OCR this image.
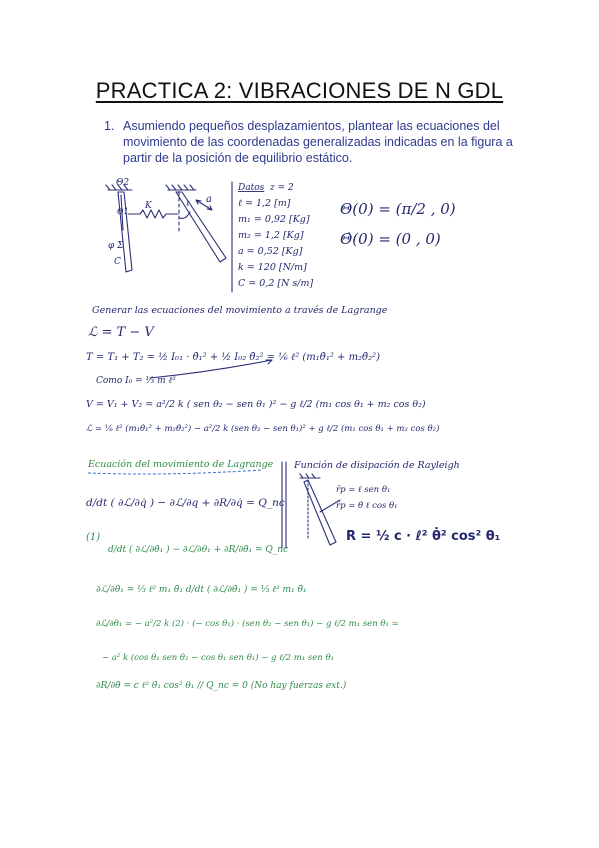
PRACTICA 2: VIBRACIONES DE N GDL
1. Asumiendo pequeños desplazamientos, plantear las ecuaciones del movimiento de las coordenadas generalizadas indicadas en la figura a partir de la posición de equilibrio estático.
Θ2
Θ1
K
a
ℓ
φ Σ
C
Datos z = 2
ℓ = 1,2 [m]
m₁ = 0,92 [Kg]
m₂ = 1,2 [Kg]
a = 0,52 [Kg]
k = 120 [N/m]
C = 0,2 [N s/m]
Θ(0) = (π/2 , 0)
Θ̇(0) = (0 , 0)
Generar las ecuaciones del movimiento a través de Lagrange
ℒ = T − V
T = T₁ + T₂ = ½ I₀₁ · θ̇₁² + ½ I₀₂ θ̇₂² = ⅙ ℓ² (m₁θ̇₁² + m₂θ̇₂²)
Como I₀ = ⅓ m ℓ²
V = V₁ + V₂ = a²/2 k ( sen θ₂ − sen θ₁ )² − g ℓ/2 (m₁ cos θ₁ + m₂ cos θ₂)
ℒ = ⅙ ℓ² (m₁θ̇₁² + m₂θ̇₂²) − a²/2 k (sen θ₂ − sen θ₁)² + g ℓ/2 (m₁ cos θ₁ + m₂ cos θ₂)
Ecuación del movimiento de Lagrange
d/dt ( ∂ℒ/∂q̇ ) − ∂ℒ/∂q + ∂R/∂q̇ = Q_nc
(1)
d/dt ( ∂ℒ/∂θ̇₁ ) − ∂ℒ/∂θ₁ + ∂R/∂θ̇₁ = Q_nc
∂ℒ/∂θ̇₁ = ⅓ ℓ² m₁ θ̇₁ d/dt ( ∂ℒ/∂θ̇₁ ) = ⅓ ℓ² m₁ θ̈₁
∂ℒ/∂θ₁ = − a²/2 k (2) · (− cos θ₁) · (sen θ₂ − sen θ₁) − g ℓ/2 m₁ sen θ₁ =
− a² k (cos θ₁ sen θ₂ − cos θ₁ sen θ₁) − g ℓ/2 m₁ sen θ₁
∂R/∂θ̇ = c ℓ² θ̇₁ cos² θ₁ // Q_nc = 0 (No hay fuerzas ext.)
Función de disipación de Rayleigh
r̄p = ℓ sen θ₁
ṙp = θ̇ ℓ cos θ₁
R = ½ c · ℓ² θ̇² cos² θ₁
